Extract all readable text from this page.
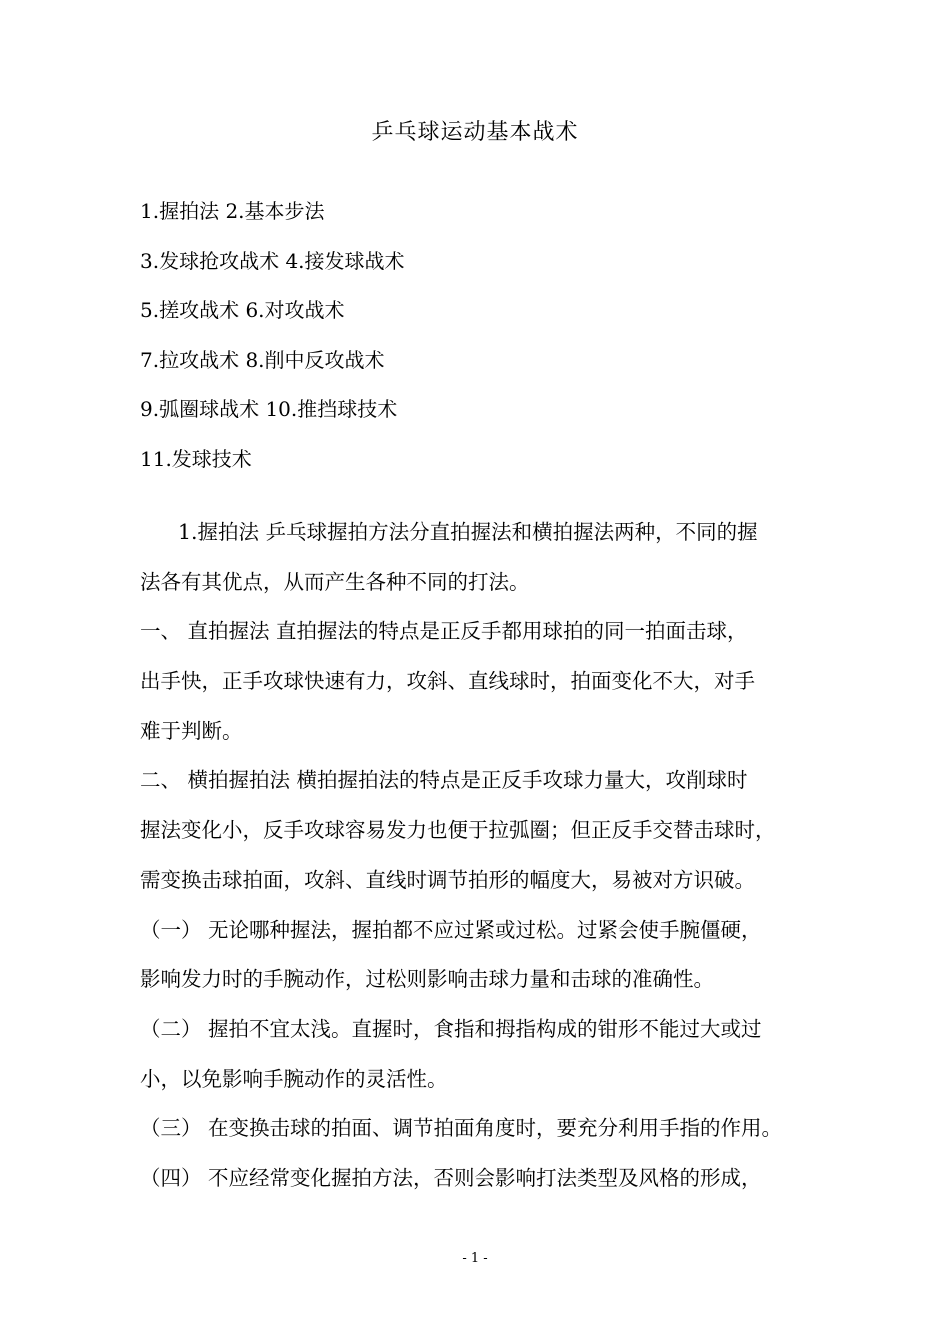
乒乓球运动基本战术
1.握拍法 2.基本步法
3.发球抢攻战术 4.接发球战术
5.搓攻战术 6.对攻战术
7.拉攻战术 8.削中反攻战术
9.弧圈球战术 10.推挡球技术
11.发球技术
1.握拍法 乒乓球握拍方法分直拍握法和横拍握法两种，不同的握
法各有其优点，从而产生各种不同的打法。
一、 直拍握法 直拍握法的特点是正反手都用球拍的同一拍面击球，
出手快，正手攻球快速有力，攻斜、直线球时，拍面变化不大，对手
难于判断。
二、 横拍握拍法 横拍握拍法的特点是正反手攻球力量大，攻削球时
握法变化小，反手攻球容易发力也便于拉弧圈；但正反手交替击球时，
需变换击球拍面，攻斜、直线时调节拍形的幅度大，易被对方识破。
（一） 无论哪种握法，握拍都不应过紧或过松。过紧会使手腕僵硬，
影响发力时的手腕动作，过松则影响击球力量和击球的准确性。
（二） 握拍不宜太浅。直握时，食指和拇指构成的钳形不能过大或过
小，以免影响手腕动作的灵活性。
（三） 在变换击球的拍面、调节拍面角度时，要充分利用手指的作用。
（四） 不应经常变化握拍方法，否则会影响打法类型及风格的形成，
- 1 -
